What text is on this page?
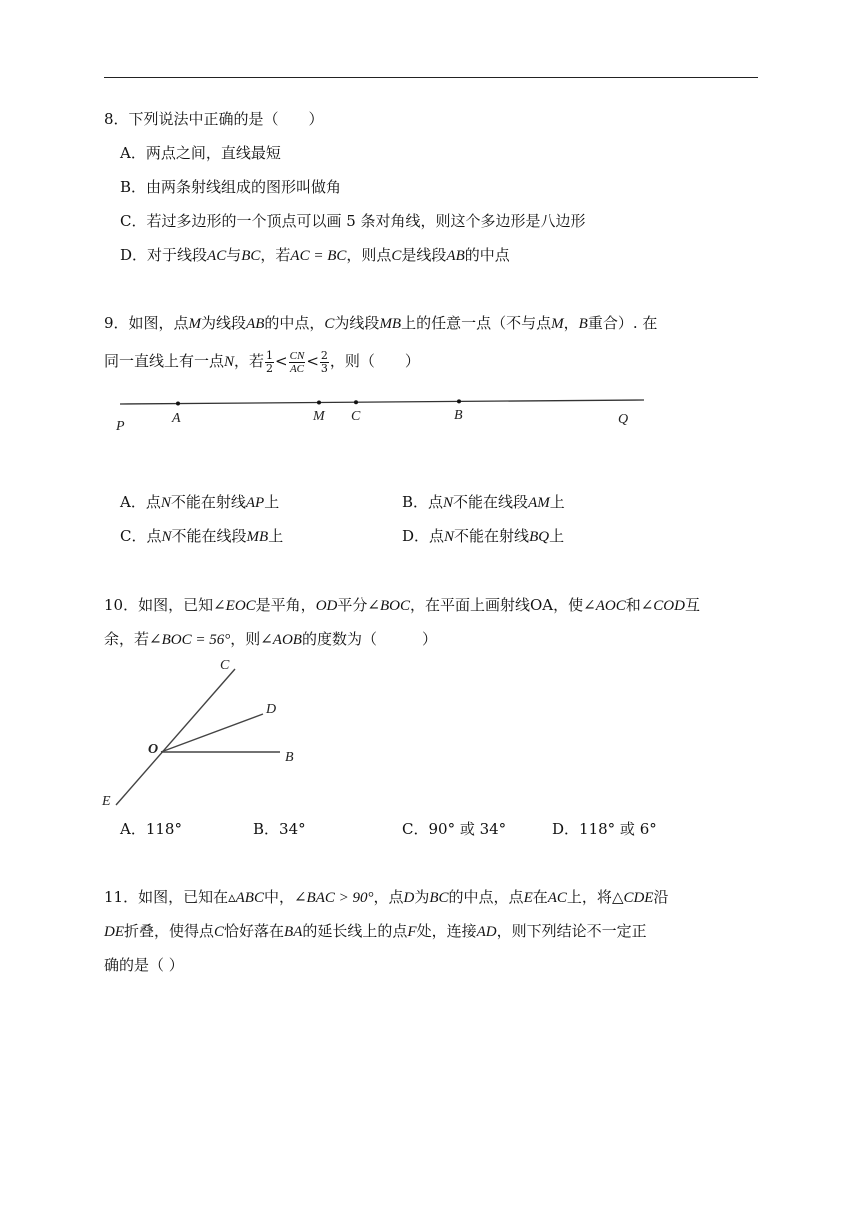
8．下列说法中正确的是（　　）
A．两点之间，直线最短
B．由两条射线组成的图形叫做角
C．若过多边形的一个顶点可以画 5 条对角线，则这个多边形是八边形
D．对于线段AC与BC，若AC = BC，则点C是线段AB的中点
9．如图，点M为线段AB的中点，C为线段MB上的任意一点（不与点M，B重合）. 在
同一直线上有一点N，若 $\frac{1}{2} < \frac{CN}{AC} < \frac{2}{3}$ ，则（　　）
P
A	M C	B	Q
A．点N不能在射线AP上	B．点N不能在线段AM上
C．点N不能在线段MB上	D．点N不能在射线BQ上
10．如图，已知∠EOC是平角，OD平分∠BOC，在平面上画射线OA，使∠AOC和∠COD互
余，若∠BOC = 56°，则∠AOB的度数为（　　　）
C
D
O
B
E
A．118°	B．34°	C．90° 或 34°	D．118° 或 6°
11．如图，已知在▵ABC中，∠BAC > 90°，点D为BC的中点，点E在AC上，将△CDE沿
DE折叠，使得点C恰好落在BA的延长线上的点F处，连接AD，则下列结论不一定正
确的是（ ）
